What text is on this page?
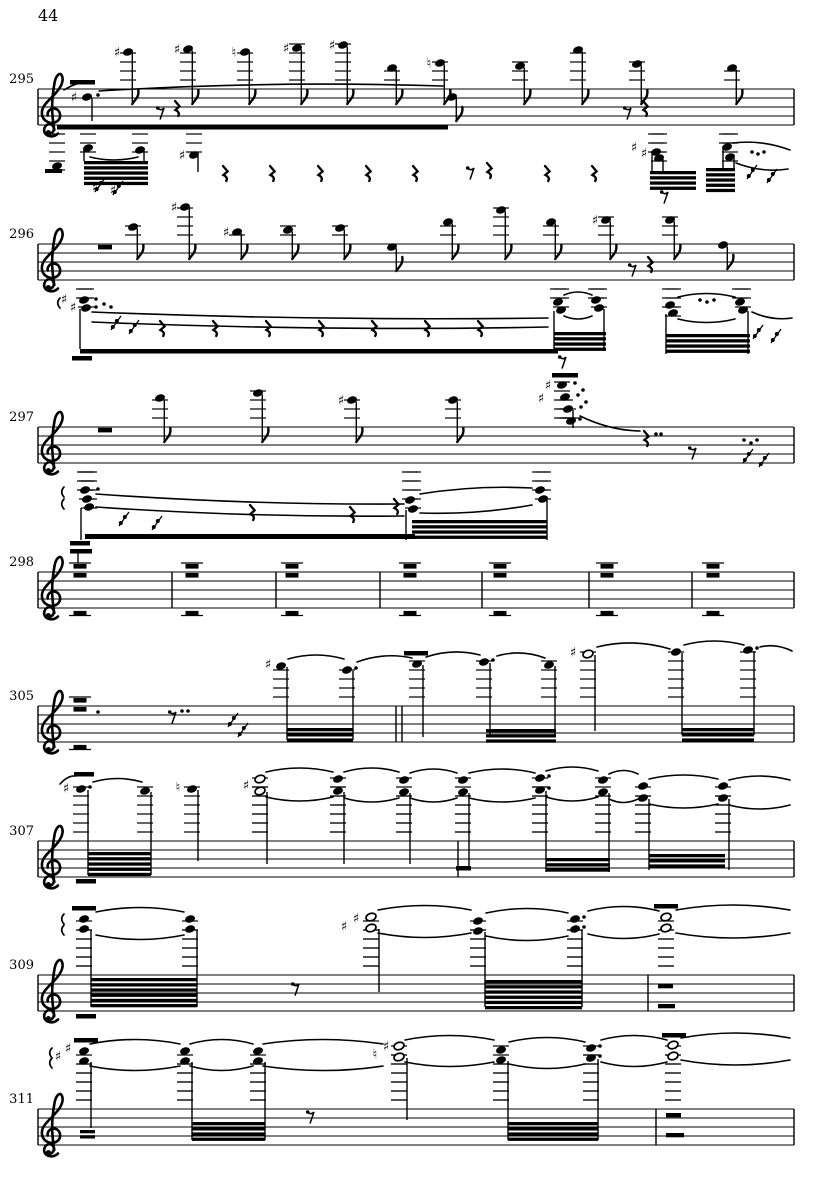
44
295
♯
♯	♯	♮	♯	♯
♮
♯ ♯
♯
♯ ♯
296
♯
♯
♯
♯
♯
297
♯
♯
♯
298
305
♯
♯
307
♯	♮	♯
309
♯
♯
311
♯
♯	♮
♯
